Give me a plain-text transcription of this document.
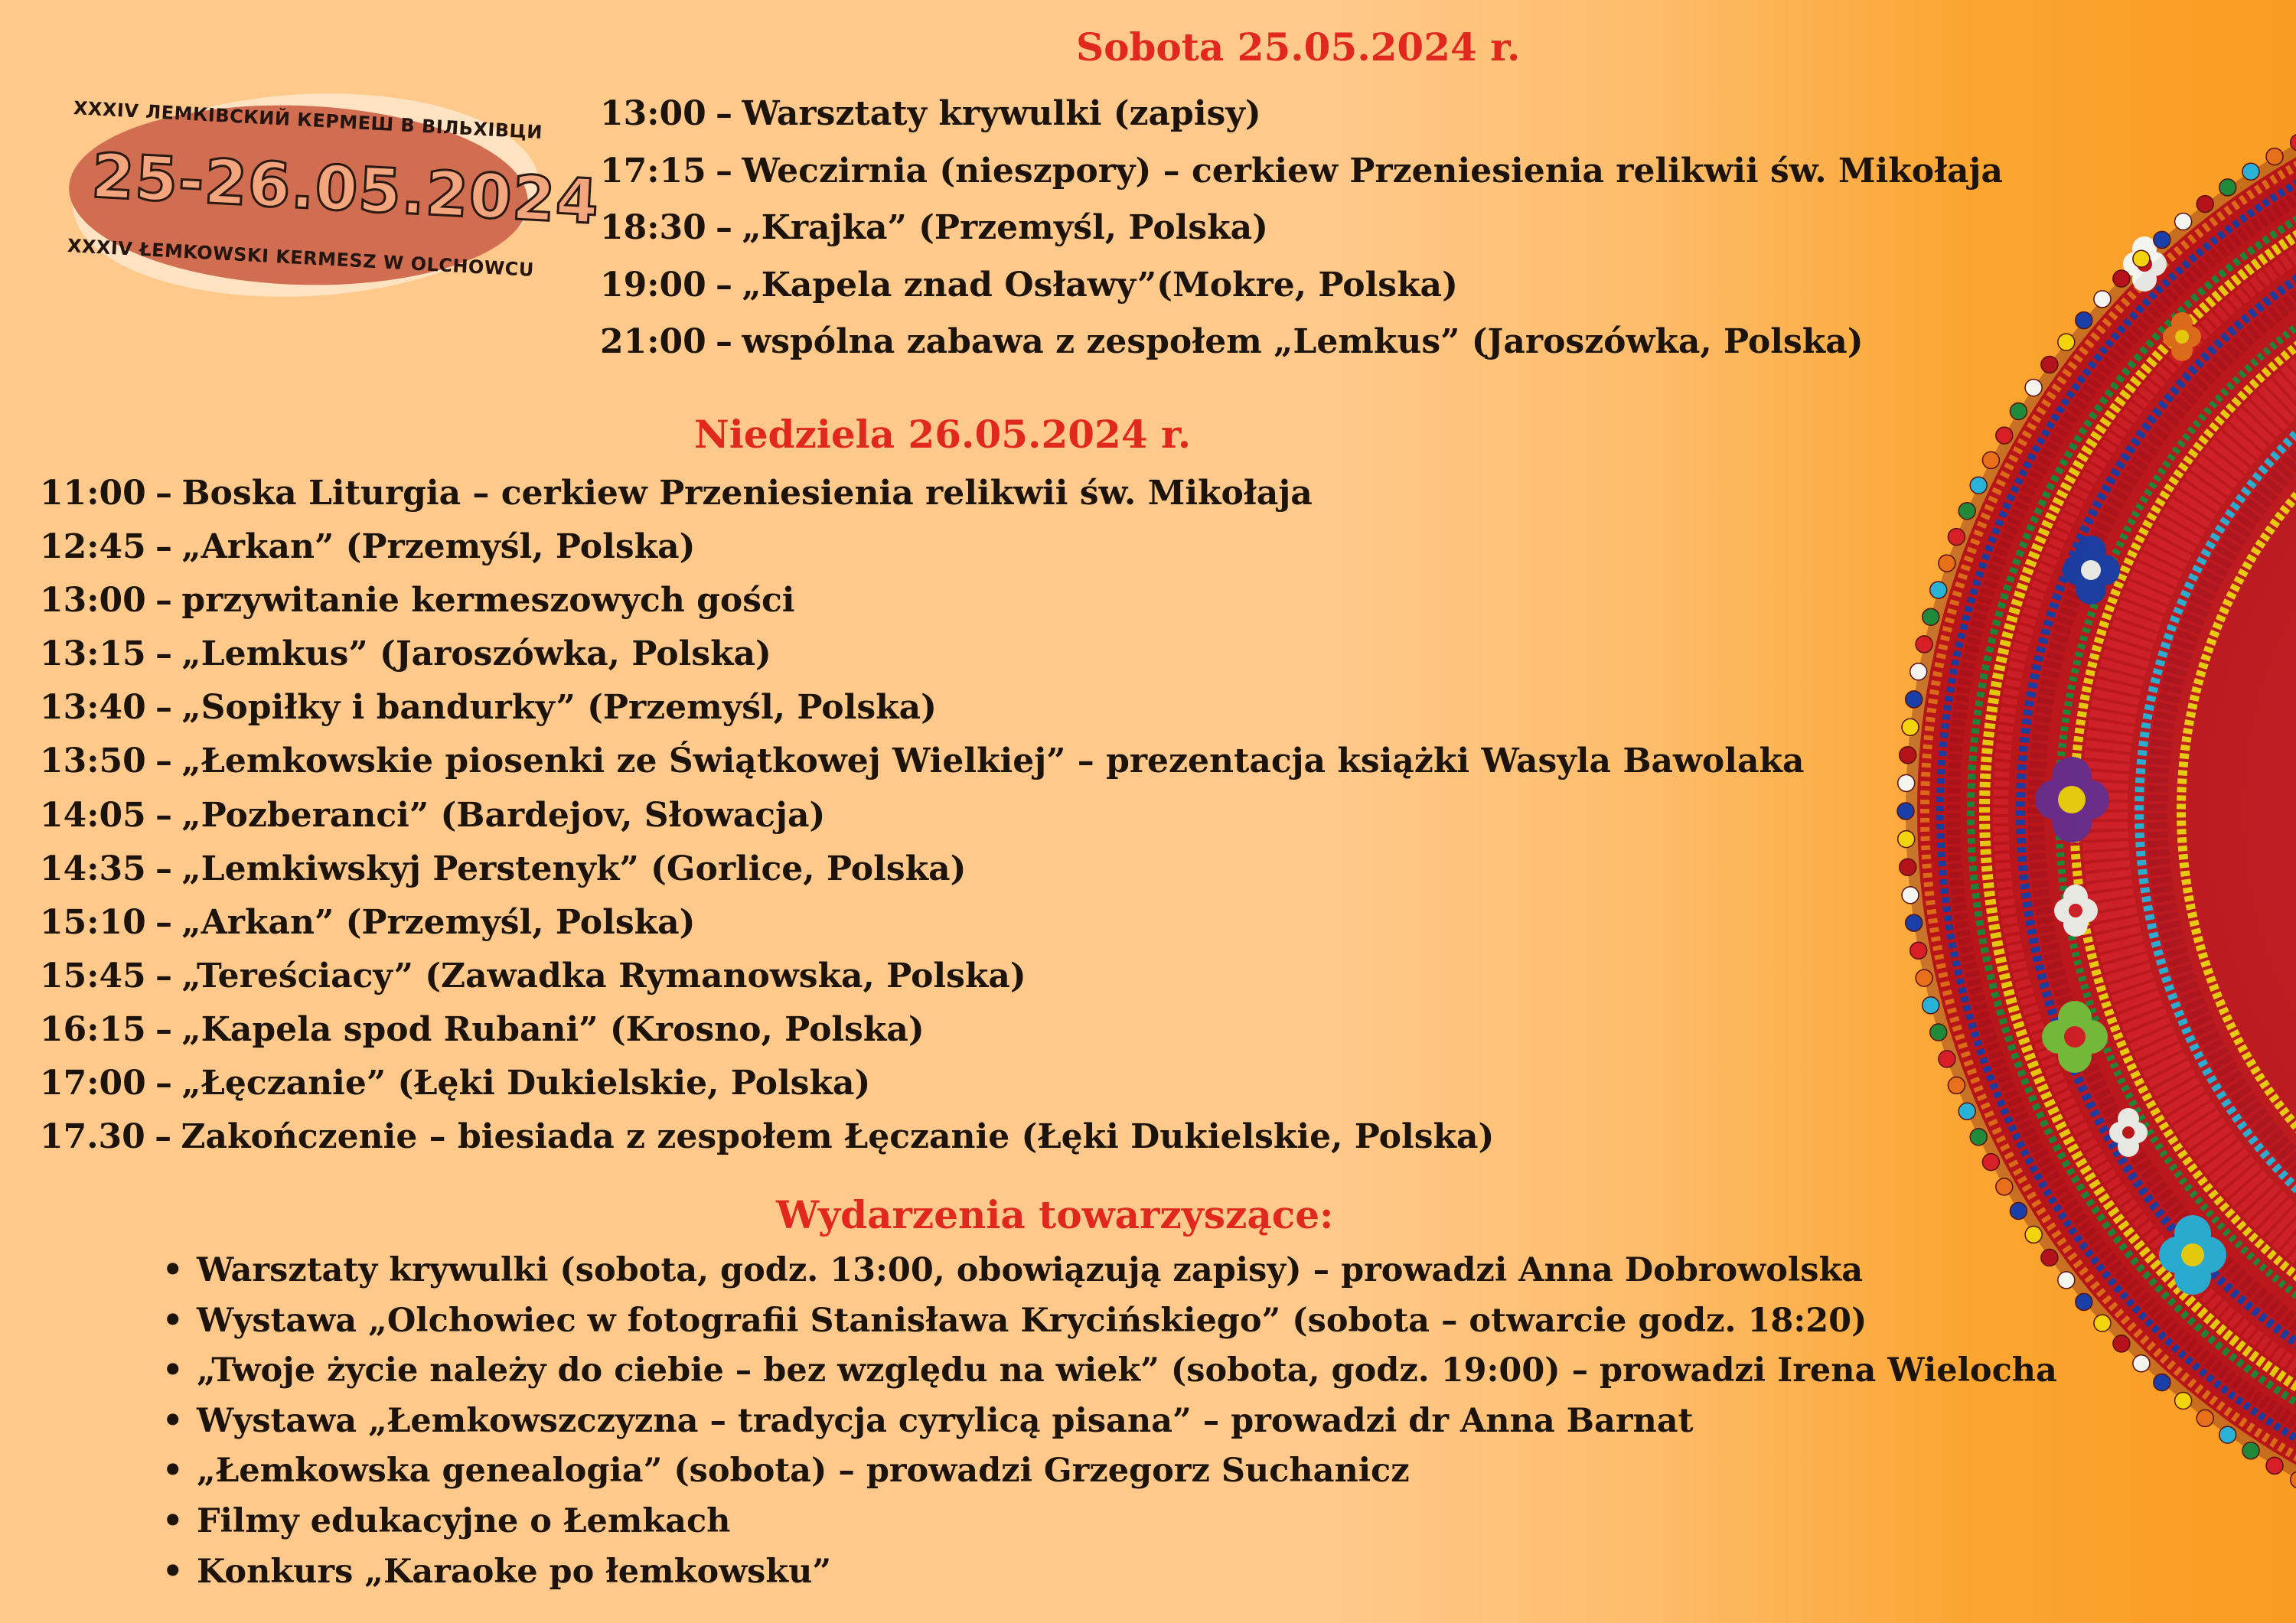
XXXIV ЛЕМКІВСКИЙ КЕРМЕШ В ВІЛЬХІВЦИ
25-26.05.2024
XXXIV ŁEMKOWSKI KERMESZ W OLCHOWCU
Sobota 25.05.2024 r.
13:00 – Warsztaty krywulki (zapisy)
17:15 – Weczirnia (nieszpory) – cerkiew Przeniesienia relikwii św. Mikołaja
18:30 – „Krajka” (Przemyśl, Polska)
19:00 – „Kapela znad Osławy”(Mokre, Polska)
21:00 – wspólna zabawa z zespołem „Lemkus” (Jaroszówka, Polska)
Niedziela 26.05.2024 r.
11:00 – Boska Liturgia – cerkiew Przeniesienia relikwii św. Mikołaja
12:45 – „Arkan” (Przemyśl, Polska)
13:00 – przywitanie kermeszowych gości
13:15 – „Lemkus” (Jaroszówka, Polska)
13:40 – „Sopiłky i bandurky” (Przemyśl, Polska)
13:50 – „Łemkowskie piosenki ze Świątkowej Wielkiej” – prezentacja książki Wasyla Bawolaka
14:05 – „Pozberanci” (Bardejov, Słowacja)
14:35 – „Lemkiwskyj Perstenyk” (Gorlice, Polska)
15:10 – „Arkan” (Przemyśl, Polska)
15:45 – „Tereściacy” (Zawadka Rymanowska, Polska)
16:15 – „Kapela spod Rubani” (Krosno, Polska)
17:00 – „Łęczanie” (Łęki Dukielskie, Polska)
17.30 – Zakończenie – biesiada z zespołem Łęczanie (Łęki Dukielskie, Polska)
Wydarzenia towarzyszące:
• Warsztaty krywulki (sobota, godz. 13:00, obowiązują zapisy) – prowadzi Anna Dobrowolska
• Wystawa „Olchowiec w fotografii Stanisława Krycińskiego” (sobota – otwarcie godz. 18:20)
• „Twoje życie należy do ciebie – bez względu na wiek” (sobota, godz. 19:00) – prowadzi Irena Wielocha
• Wystawa „Łemkowszczyzna – tradycja cyrylicą pisana” – prowadzi dr Anna Barnat
• „Łemkowska genealogia” (sobota) – prowadzi Grzegorz Suchanicz
• Filmy edukacyjne o Łemkach
• Konkurs „Karaoke po łemkowsku”
